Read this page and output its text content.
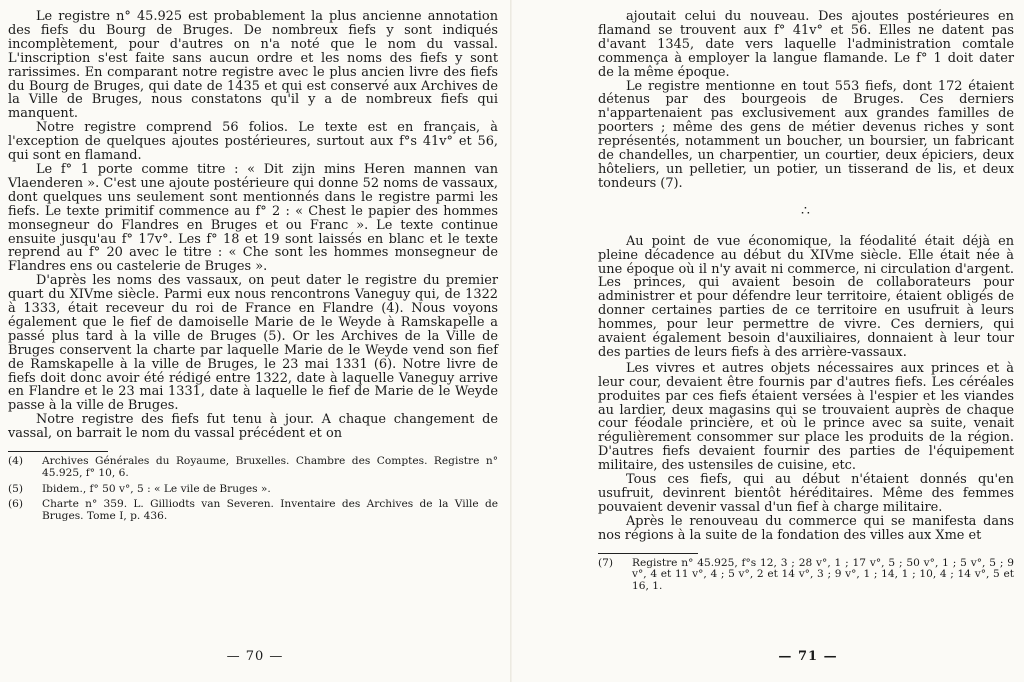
Le registre n° 45.925 est probablement la plus ancienne annotation des fiefs du Bourg de Bruges. De nombreux fiefs y sont indiqués incomplètement, pour d'autres on n'a noté que le nom du vassal. L'inscription s'est faite sans aucun ordre et les noms des fiefs y sont rarissimes. En comparant notre registre avec le plus ancien livre des fiefs du Bourg de Bruges, qui date de 1435 et qui est conservé aux Archives de la Ville de Bruges, nous constatons qu'il y a de nombreux fiefs qui manquent.

Notre registre comprend 56 folios. Le texte est en français, à l'exception de quelques ajoutes postérieures, surtout aux f°s 41v° et 56, qui sont en flamand.

Le f° 1 porte comme titre : « Dit zijn mins Heren mannen van Vlaenderen ». C'est une ajoute postérieure qui donne 52 noms de vassaux, dont quelques uns seulement sont mentionnés dans le registre parmi les fiefs. Le texte primitif commence au f° 2 : « Chest le papier des hommes monsegneur do Flandres en Bruges et ou Franc ». Le texte continue ensuite jusqu'au f° 17v°. Les f° 18 et 19 sont laissés en blanc et le texte reprend au f° 20 avec le titre : « Che sont les hommes monsegneur de Flandres ens ou castelerie de Bruges ».

D'après les noms des vassaux, on peut dater le registre du premier quart du XIVme siècle. Parmi eux nous rencontrons Vaneguy qui, de 1322 à 1333, était receveur du roi de France en Flandre (4). Nous voyons également que le fief de damoiselle Marie de le Weyde à Ramskapelle a passé plus tard à la ville de Bruges (5). Or les Archives de la Ville de Bruges conservent la charte par laquelle Marie de le Weyde vend son fief de Ramskapelle à la ville de Bruges, le 23 mai 1331 (6). Notre livre de fiefs doit donc avoir été rédigé entre 1322, date à laquelle Vaneguy arrive en Flandre et le 23 mai 1331, date à laquelle le fief de Marie de le Weyde passe à la ville de Bruges.

Notre registre des fiefs fut tenu à jour. A chaque changement de vassal, on barrait le nom du vassal précédent et on

(4) Archives Générales du Royaume, Bruxelles. Chambre des Comptes. Registre n° 45.925, f° 10, 6.

(5) Ibidem., f° 50 v°, 5 : « Le vile de Bruges ».

(6) Charte n° 359. L. Gilliodts van Severen. Inventaire des Archives de la Ville de Bruges. Tome I, p. 436.

— 70 —

ajoutait celui du nouveau. Des ajoutes postérieures en flamand se trouvent aux f° 41v° et 56. Elles ne datent pas d'avant 1345, date vers laquelle l'administration comtale commença à employer la langue flamande. Le f° 1 doit dater de la même époque.

Le registre mentionne en tout 553 fiefs, dont 172 étaient détenus par des bourgeois de Bruges. Ces derniers n'appartenaient pas exclusivement aux grandes familles de poorters ; même des gens de métier devenus riches y sont représentés, notamment un boucher, un boursier, un fabricant de chandelles, un charpentier, un courtier, deux épiciers, deux hôteliers, un pelletier, un potier, un tisserand de lis, et deux tondeurs (7).

∴

Au point de vue économique, la féodalité était déjà en pleine décadence au début du XIVme siècle. Elle était née à une époque où il n'y avait ni commerce, ni circulation d'argent. Les princes, qui avaient besoin de collaborateurs pour administrer et pour défendre leur territoire, étaient obligés de donner certaines parties de ce territoire en usufruit à leurs hommes, pour leur permettre de vivre. Ces derniers, qui avaient également besoin d'auxiliaires, donnaient à leur tour des parties de leurs fiefs à des arrière-vassaux.

Les vivres et autres objets nécessaires aux princes et à leur cour, devaient être fournis par d'autres fiefs. Les céréales produites par ces fiefs étaient versées à l'espier et les viandes au lardier, deux magasins qui se trouvaient auprès de chaque cour féodale princière, et où le prince avec sa suite, venait régulièrement consommer sur place les produits de la région. D'autres fiefs devaient fournir des parties de l'équipement militaire, des ustensiles de cuisine, etc.

Tous ces fiefs, qui au début n'étaient donnés qu'en usufruit, devinrent bientôt héréditaires. Même des femmes pouvaient devenir vassal d'un fief à charge militaire.

Après le renouveau du commerce qui se manifesta dans nos régions à la suite de la fondation des villes aux Xme et

(7) Registre n° 45.925, f°s 12, 3 ; 28 v°, 1 ; 17 v°, 5 ; 50 v°, 1 ; 5 v°, 5 ; 9 v°, 4 et 11 v°, 4 ; 5 v°, 2 et 14 v°, 3 ; 9 v°, 1 ; 14, 1 ; 10, 4 ; 14 v°, 5 et 16, 1.

— 71 —
